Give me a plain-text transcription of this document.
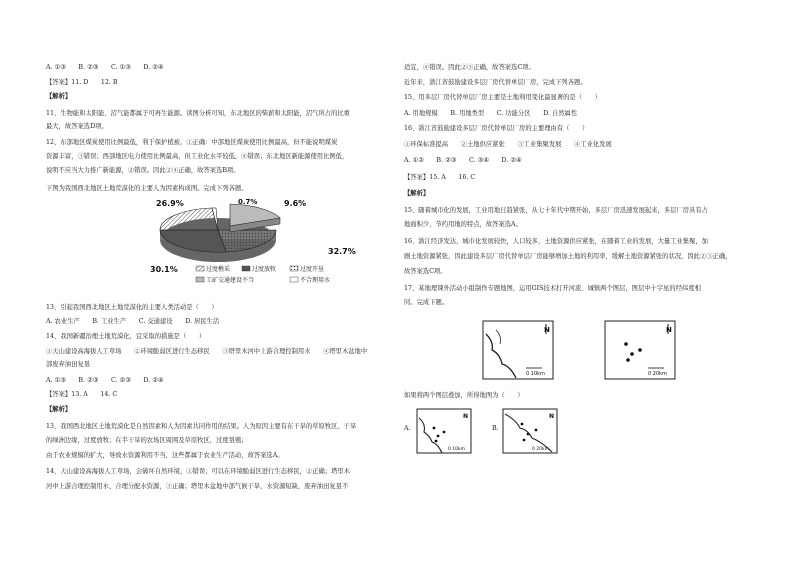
A. ①③　　B. ②③　　C. ①③　　D. ②④
【答案】11. D　　12. B
【解析】
11、生物能和太阳能、沼气能都属于可再生能源。读图分析可知，东北地区的柴薪和太阳能，沼气所占的比重
最大，故答案选D项。
12、东部地区煤炭使用比例最低，利于保护植被。①正确：中部地区煤炭使用比例最高，但不能说明煤炭
资源丰富，③错误；西部地区电力使用比例最高，但工业化水平较低，④错误；东北地区新能源使用比例低，
说明不应当大力推广新能源，②错误。因此②④正确，故答案选B项。
下图为我国西北地区土地荒漠化的主要人为因素构成图。完成下列各题。
26.9%	0.7%	9.6%
32.7%
30.1%	过度樵采	过度放牧	过度开垦
工矿交通建设不当	不合理用水
13、引起我国西北地区土地荒漠化的主要人类活动是（　　）
A. 农业生产　　B. 工业生产　　C. 交通建设　　D. 居民生活
14、我国新疆治理土地荒漠化，宜采取的措施是（　　）
①天山建设高海拔人工草场　　②环境脆弱区进行生态移民　　③塔里木河中上游合理控制用水　　④塔里木盆地中
部废弃油田复垦
A. ①③　　B. ②③　　C. ②③　　D. ②④
【答案】13. A　　14. C
【解析】
13、我国西北地区土地荒漠化是自然因素和人为因素共同作用的结果。人为原因主要有在干旱的草原牧区、干旱
的绿洲边缘，过度放牧；在半干旱的农场区周围及草原牧区，过度垦殖；
由于农业规模的扩大，导致水资源利用不当，这些都属于农业生产活动，故答案选A。
14、天山建设高海拔人工草场，会破坏自然环境，①错误；可以在环境脆弱区进行生态移民，②正确；塔里木
河中上游合理控制用水，合理分配水资源，③正确；塔里木盆地中部气候干旱，水资源短缺，废弃油田复垦不
适宜，④错误。因此②③正确，故答案选C项。
近年来，浙江省鼓励建设多层厂房代替单层厂房，完成下列各题。
15、用多层厂房代替单层厂房主要是土地利用变化最显著的是（　　）
A. 用地规模　　B. 用地类型　　C. 功能分区　　D. 自然属性
16、浙江省鼓励建设多层厂房代替单层厂房的主要理由有（　　）
①环保标准提高　　②土地供应紧张　　③工业集聚发展　　④工业化发展
A. ①②　　B. ②③　　C. ③④　　D. ②④
【答案】15. A　　16. C
【解析】
15、随着城市化的发展，工业用地日趋紧张，从七十年代中期开始，多层厂房迅速发展起来，多层厂房具有占
地面积少、节约用地的特点，故答案选A。
16、浙江经济发达，城市化发展较快，人口较多，土地资源供应紧张，在随着工业的发展，大量工业集聚，加
剧土地资源紧张，因此建设多层厂房代替单层厂房能够增加土地的利用率，缓解土地资源紧张的状况，因此②③正确，
故答案选C项。
17、某地理课外活动小组制作专题地图，运用GIS技术打开河流、城镇两个图层，图层中十字星的经纬度相
同。完成下题。
N
0 10km
N
0 20km
如果将两个图层叠加，所得地图为（　　）
A.
N
0 10km
B.
N
0 20km
